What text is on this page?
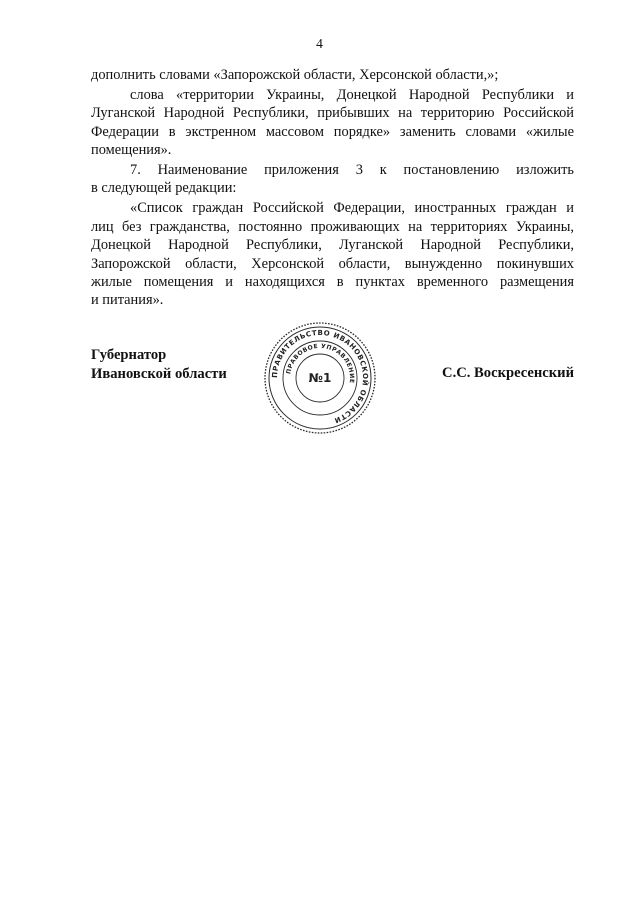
4
дополнить словами «Запорожской области, Херсонской области,»;
слова «территории Украины, Донецкой Народной Республики и
Луганской Народной Республики, прибывших на территорию Российской
Федерации в экстренном массовом порядке» заменить словами «жилые
помещения».
7. Наименование приложения 3 к постановлению изложить
в следующей редакции:
«Список граждан Российской Федерации, иностранных граждан и
лиц без гражданства, постоянно проживающих на территориях Украины,
Донецкой Народной Республики, Луганской Народной Республики,
Запорожской области, Херсонской области, вынужденно покинувших
жилые помещения и находящихся в пунктах временного размещения
и питания».
Губернатор
Ивановской области	С.С. Воскресенский
ПРАВИТЕЛЬСТВО ИВАНОВСКОЙ ОБЛАСТИ
ПРАВОВОЕ УПРАВЛЕНИЕ
№1
